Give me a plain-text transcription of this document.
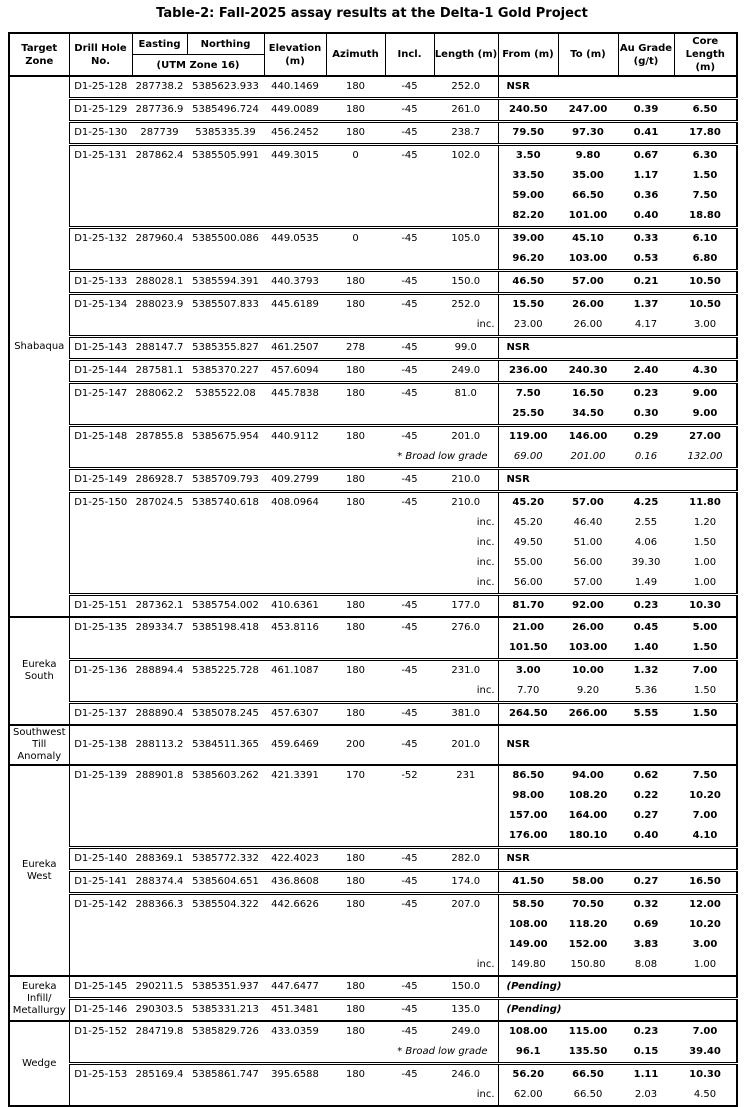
Table-2: Fall-2025 assay results at the Delta-1 Gold Project
Target Zone	Drill Hole No.	Easting	Northing	Elevation (m)	Azimuth	Incl.	Length (m)	From (m)	To (m)	Au Grade (g/t)	Core Length (m)
		(UTM Zone 16)									
Shabaqua	D1-25-128	287738.2	5385623.933	440.1469	180	-45	252.0	NSR			
	D1-25-129	287736.9	5385496.724	449.0089	180	-45	261.0	240.50	247.00	0.39	6.50
	D1-25-130	287739	5385335.39	456.2452	180	-45	238.7	79.50	97.30	0.41	17.80
	D1-25-131	287862.4	5385505.991	449.3015	0	-45	102.0	3.50	9.80	0.67	6.30
								33.50	35.00	1.17	1.50
								59.00	66.50	0.36	7.50
								82.20	101.00	0.40	18.80
	D1-25-132	287960.4	5385500.086	449.0535	0	-45	105.0	39.00	45.10	0.33	6.10
								96.20	103.00	0.53	6.80
	D1-25-133	288028.1	5385594.391	440.3793	180	-45	150.0	46.50	57.00	0.21	10.50
	D1-25-134	288023.9	5385507.833	445.6189	180	-45	252.0	15.50	26.00	1.37	10.50
							inc.	23.00	26.00	4.17	3.00
	D1-25-143	288147.7	5385355.827	461.2507	278	-45	99.0	NSR			
	D1-25-144	287581.1	5385370.227	457.6094	180	-45	249.0	236.00	240.30	2.40	4.30
	D1-25-147	288062.2	5385522.08	445.7838	180	-45	81.0	7.50	16.50	0.23	9.00
								25.50	34.50	0.30	9.00
	D1-25-148	287855.8	5385675.954	440.9112	180	-45	201.0	119.00	146.00	0.29	27.00
					* Broad low grade			69.00	201.00	0.16	132.00
	D1-25-149	286928.7	5385709.793	409.2799	180	-45	210.0	NSR			
	D1-25-150	287024.5	5385740.618	408.0964	180	-45	210.0	45.20	57.00	4.25	11.80
							inc.	45.20	46.40	2.55	1.20
							inc.	49.50	51.00	4.06	1.50
							inc.	55.00	56.00	39.30	1.00
							inc.	56.00	57.00	1.49	1.00
	D1-25-151	287362.1	5385754.002	410.6361	180	-45	177.0	81.70	92.00	0.23	10.30
Eureka South	D1-25-135	289334.7	5385198.418	453.8116	180	-45	276.0	21.00	26.00	0.45	5.00
								101.50	103.00	1.40	1.50
	D1-25-136	288894.4	5385225.728	461.1087	180	-45	231.0	3.00	10.00	1.32	7.00
							inc.	7.70	9.20	5.36	1.50
	D1-25-137	288890.4	5385078.245	457.6307	180	-45	381.0	264.50	266.00	5.55	1.50
Southwest Till Anomaly	D1-25-138	288113.2	5384511.365	459.6469	200	-45	201.0	NSR			
Eureka West	D1-25-139	288901.8	5385603.262	421.3391	170	-52	231	86.50	94.00	0.62	7.50
								98.00	108.20	0.22	10.20
								157.00	164.00	0.27	7.00
								176.00	180.10	0.40	4.10
	D1-25-140	288369.1	5385772.332	422.4023	180	-45	282.0	NSR			
	D1-25-141	288374.4	5385604.651	436.8608	180	-45	174.0	41.50	58.00	0.27	16.50
	D1-25-142	288366.3	5385504.322	442.6626	180	-45	207.0	58.50	70.50	0.32	12.00
								108.00	118.20	0.69	10.20
								149.00	152.00	3.83	3.00
							inc.	149.80	150.80	8.08	1.00
Eureka Infill/ Metallurgy	D1-25-145	290211.5	5385351.937	447.6477	180	-45	150.0	(Pending)			
	D1-25-146	290303.5	5385331.213	451.3481	180	-45	135.0	(Pending)			
Wedge	D1-25-152	284719.8	5385829.726	433.0359	180	-45	249.0	108.00	115.00	0.23	7.00
					* Broad low grade			96.1	135.50	0.15	39.40
	D1-25-153	285169.4	5385861.747	395.6588	180	-45	246.0	56.20	66.50	1.11	10.30
							inc.	62.00	66.50	2.03	4.50
